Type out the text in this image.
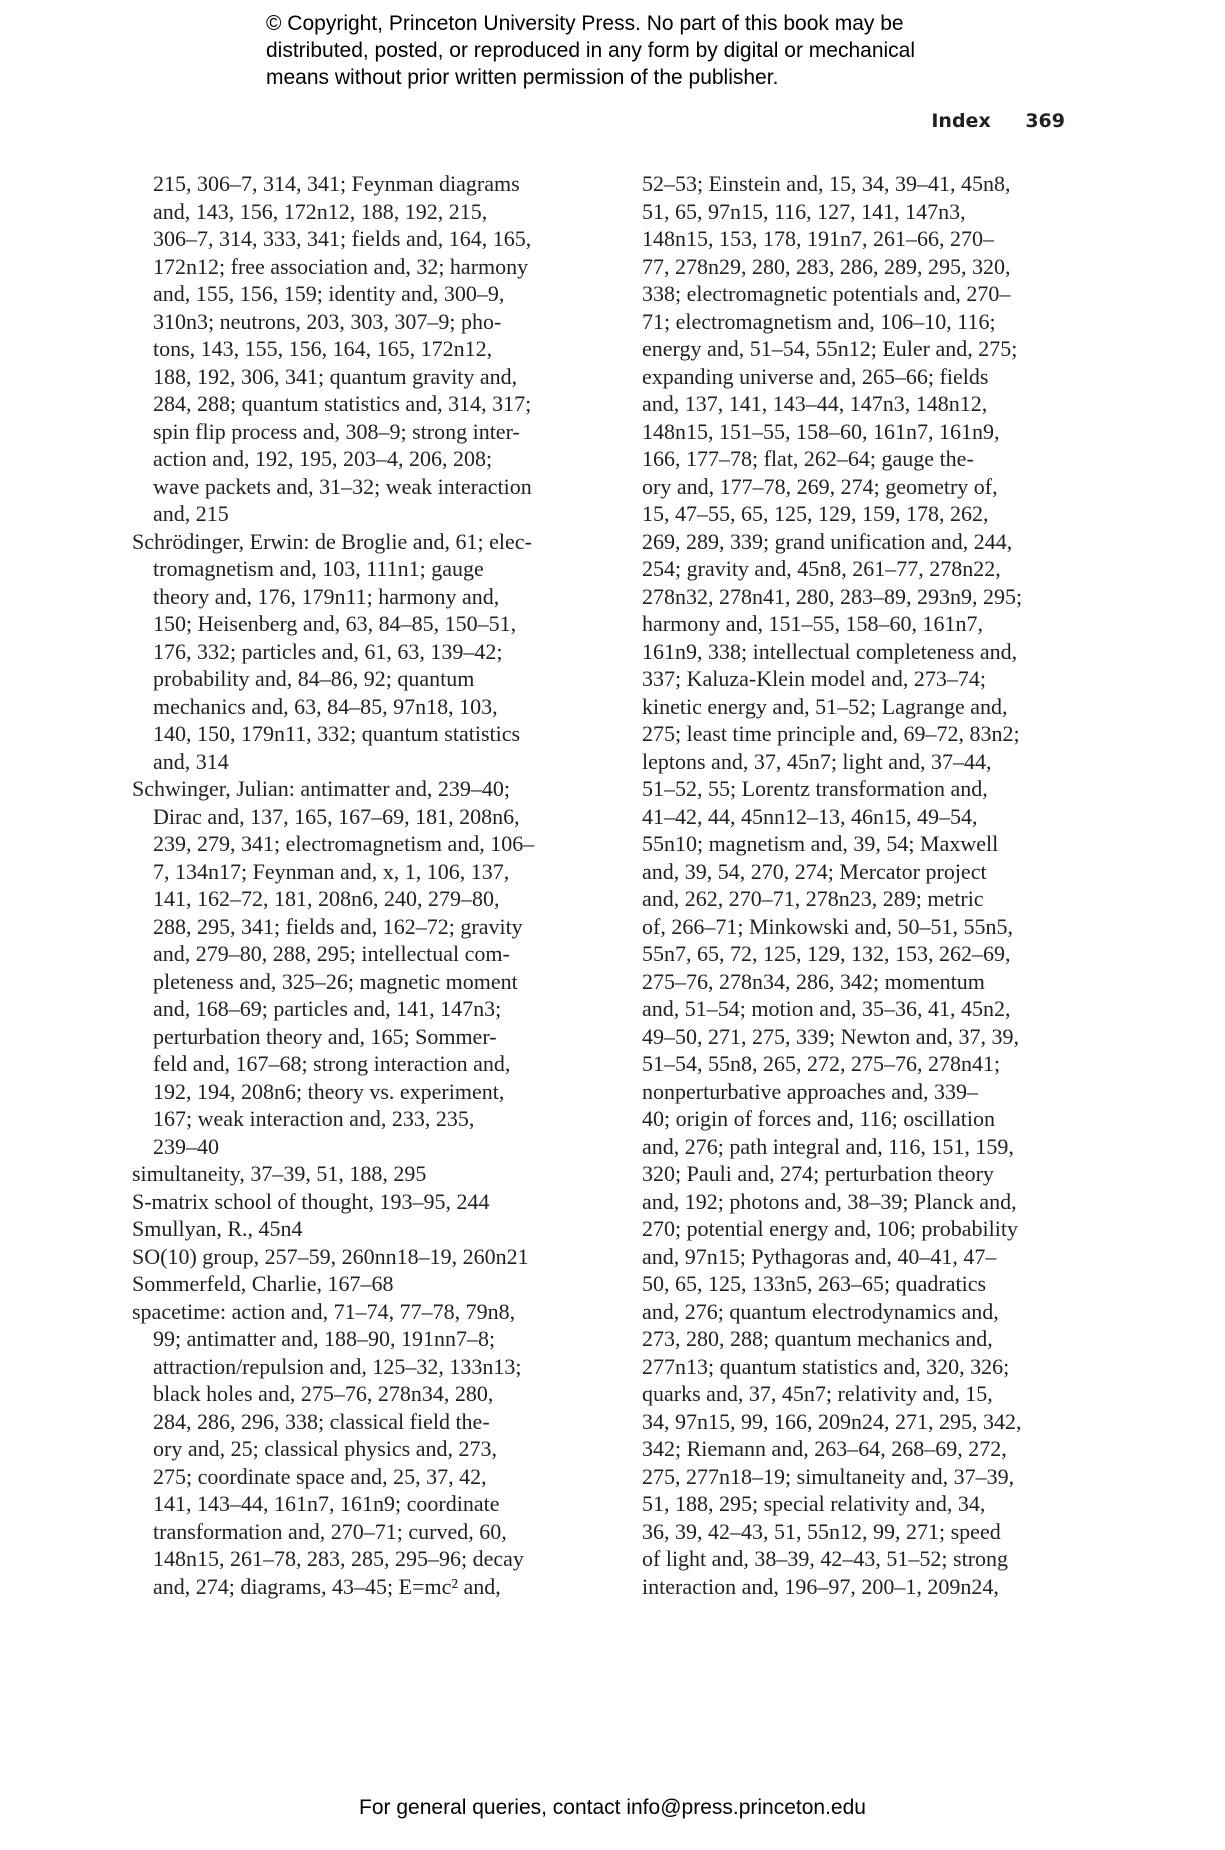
© Copyright, Princeton University Press. No part of this book may be
distributed, posted, or reproduced in any form by digital or mechanical
means without prior written permission of the publisher.
Index 369
215, 306–7, 314, 341; Feynman diagrams
and, 143, 156, 172n12, 188, 192, 215,
306–7, 314, 333, 341; fields and, 164, 165,
172n12; free association and, 32; harmony
and, 155, 156, 159; identity and, 300–9,
310n3; neutrons, 203, 303, 307–9; pho-
tons, 143, 155, 156, 164, 165, 172n12,
188, 192, 306, 341; quantum gravity and,
284, 288; quantum statistics and, 314, 317;
spin flip process and, 308–9; strong inter-
action and, 192, 195, 203–4, 206, 208;
wave packets and, 31–32; weak interaction
and, 215
Schrödinger, Erwin: de Broglie and, 61; elec-
tromagnetism and, 103, 111n1; gauge
theory and, 176, 179n11; harmony and,
150; Heisenberg and, 63, 84–85, 150–51,
176, 332; particles and, 61, 63, 139–42;
probability and, 84–86, 92; quantum
mechanics and, 63, 84–85, 97n18, 103,
140, 150, 179n11, 332; quantum statistics
and, 314
Schwinger, Julian: antimatter and, 239–40;
Dirac and, 137, 165, 167–69, 181, 208n6,
239, 279, 341; electromagnetism and, 106–
7, 134n17; Feynman and, x, 1, 106, 137,
141, 162–72, 181, 208n6, 240, 279–80,
288, 295, 341; fields and, 162–72; gravity
and, 279–80, 288, 295; intellectual com-
pleteness and, 325–26; magnetic moment
and, 168–69; particles and, 141, 147n3;
perturbation theory and, 165; Sommer-
feld and, 167–68; strong interaction and,
192, 194, 208n6; theory vs. experiment,
167; weak interaction and, 233, 235,
239–40
simultaneity, 37–39, 51, 188, 295
S-matrix school of thought, 193–95, 244
Smullyan, R., 45n4
SO(10) group, 257–59, 260nn18–19, 260n21
Sommerfeld, Charlie, 167–68
spacetime: action and, 71–74, 77–78, 79n8,
99; antimatter and, 188–90, 191nn7–8;
attraction/repulsion and, 125–32, 133n13;
black holes and, 275–76, 278n34, 280,
284, 286, 296, 338; classical field the-
ory and, 25; classical physics and, 273,
275; coordinate space and, 25, 37, 42,
141, 143–44, 161n7, 161n9; coordinate
transformation and, 270–71; curved, 60,
148n15, 261–78, 283, 285, 295–96; decay
and, 274; diagrams, 43–45; E=mc² and,
52–53; Einstein and, 15, 34, 39–41, 45n8,
51, 65, 97n15, 116, 127, 141, 147n3,
148n15, 153, 178, 191n7, 261–66, 270–
77, 278n29, 280, 283, 286, 289, 295, 320,
338; electromagnetic potentials and, 270–
71; electromagnetism and, 106–10, 116;
energy and, 51–54, 55n12; Euler and, 275;
expanding universe and, 265–66; fields
and, 137, 141, 143–44, 147n3, 148n12,
148n15, 151–55, 158–60, 161n7, 161n9,
166, 177–78; flat, 262–64; gauge the-
ory and, 177–78, 269, 274; geometry of,
15, 47–55, 65, 125, 129, 159, 178, 262,
269, 289, 339; grand unification and, 244,
254; gravity and, 45n8, 261–77, 278n22,
278n32, 278n41, 280, 283–89, 293n9, 295;
harmony and, 151–55, 158–60, 161n7,
161n9, 338; intellectual completeness and,
337; Kaluza-Klein model and, 273–74;
kinetic energy and, 51–52; Lagrange and,
275; least time principle and, 69–72, 83n2;
leptons and, 37, 45n7; light and, 37–44,
51–52, 55; Lorentz transformation and,
41–42, 44, 45nn12–13, 46n15, 49–54,
55n10; magnetism and, 39, 54; Maxwell
and, 39, 54, 270, 274; Mercator project
and, 262, 270–71, 278n23, 289; metric
of, 266–71; Minkowski and, 50–51, 55n5,
55n7, 65, 72, 125, 129, 132, 153, 262–69,
275–76, 278n34, 286, 342; momentum
and, 51–54; motion and, 35–36, 41, 45n2,
49–50, 271, 275, 339; Newton and, 37, 39,
51–54, 55n8, 265, 272, 275–76, 278n41;
nonperturbative approaches and, 339–
40; origin of forces and, 116; oscillation
and, 276; path integral and, 116, 151, 159,
320; Pauli and, 274; perturbation theory
and, 192; photons and, 38–39; Planck and,
270; potential energy and, 106; probability
and, 97n15; Pythagoras and, 40–41, 47–
50, 65, 125, 133n5, 263–65; quadratics
and, 276; quantum electrodynamics and,
273, 280, 288; quantum mechanics and,
277n13; quantum statistics and, 320, 326;
quarks and, 37, 45n7; relativity and, 15,
34, 97n15, 99, 166, 209n24, 271, 295, 342,
342; Riemann and, 263–64, 268–69, 272,
275, 277n18–19; simultaneity and, 37–39,
51, 188, 295; special relativity and, 34,
36, 39, 42–43, 51, 55n12, 99, 271; speed
of light and, 38–39, 42–43, 51–52; strong
interaction and, 196–97, 200–1, 209n24,
For general queries, contact info@press.princeton.edu
